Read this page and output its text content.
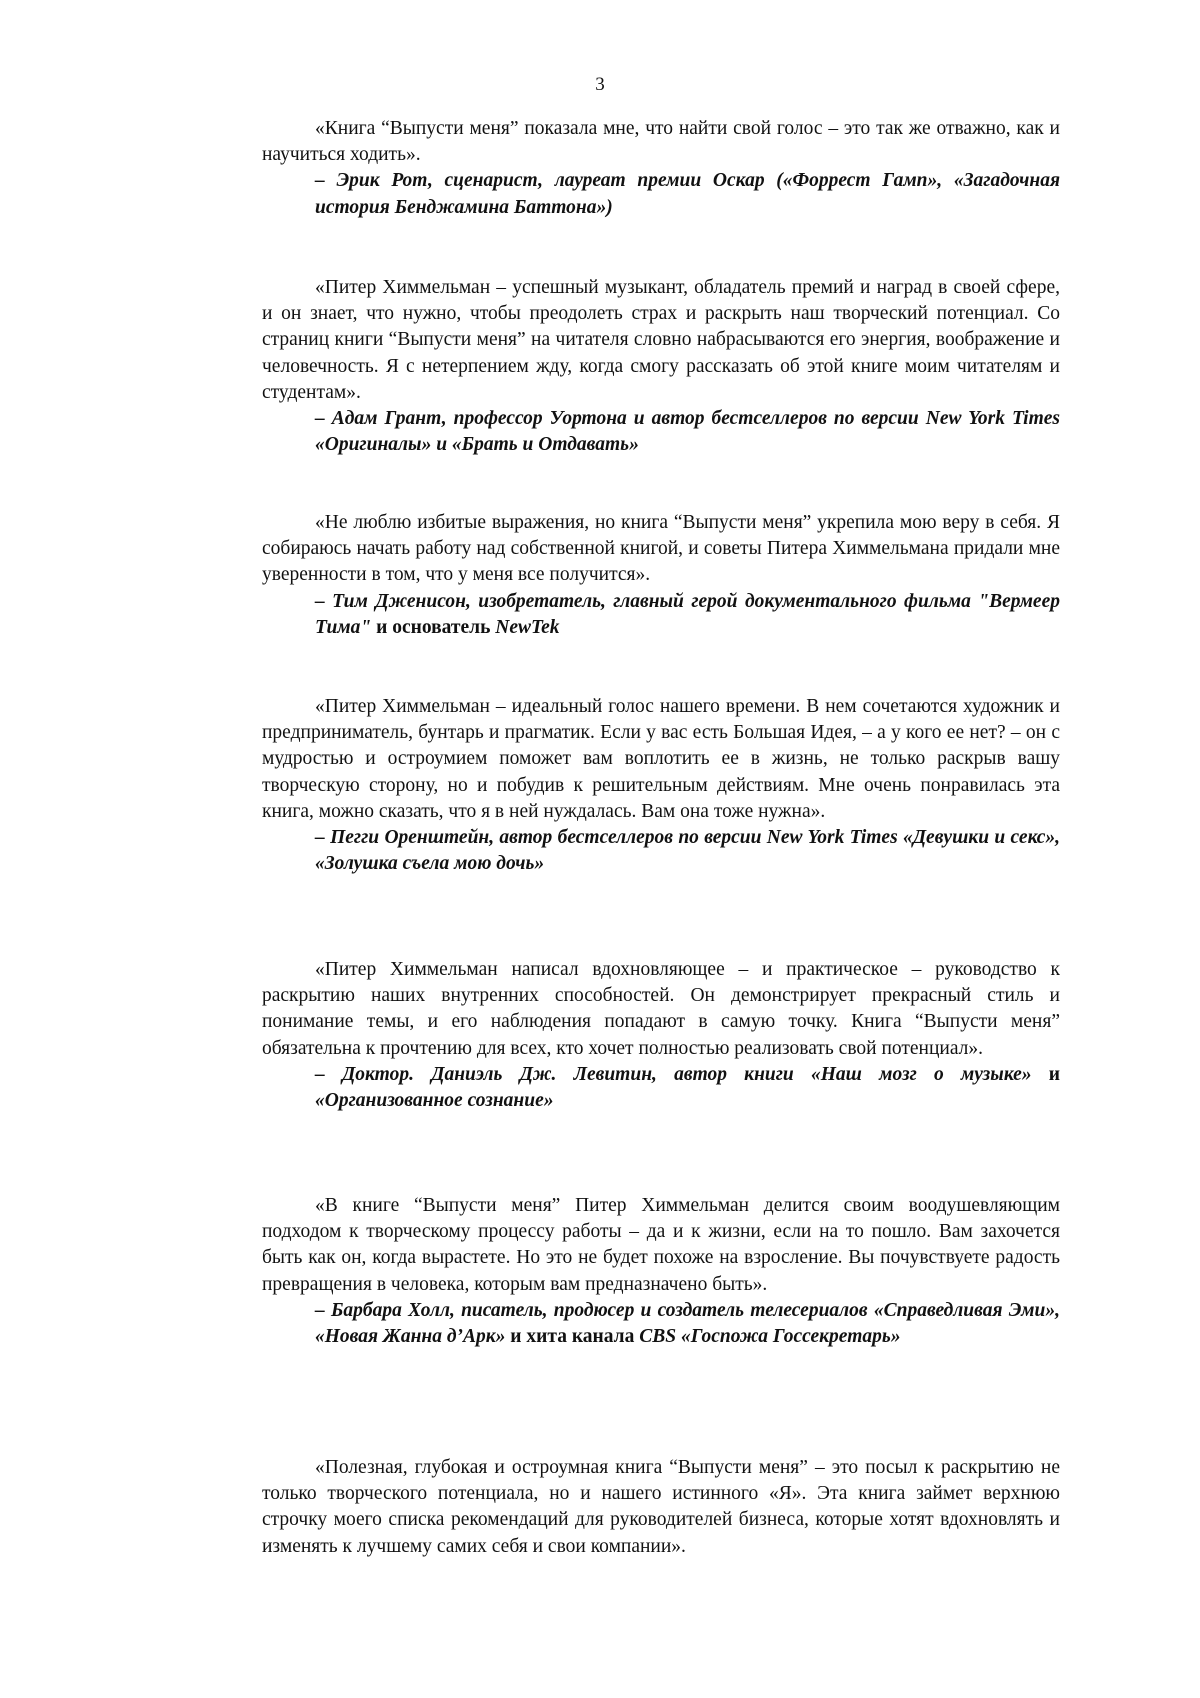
3

«Книга “Выпусти меня” показала мне, что найти свой голос – это так же отважно, как и научиться ходить».

– Эрик Рот, сценарист, лауреат премии Оскар («Форрест Гамп», «Загадочная история Бенджамина Баттона»)

«Питер Химмельман – успешный музыкант, обладатель премий и наград в своей сфере, и он знает, что нужно, чтобы преодолеть страх и раскрыть наш творческий потенциал. Со страниц книги “Выпусти меня” на читателя словно набрасываются его энергия, воображение и человечность. Я с нетерпением жду, когда смогу рассказать об этой книге моим читателям и студентам».

– Адам Грант, профессор Уортона и автор бестселлеров по версии New York Times «Оригиналы» и «Брать и Отдавать»

«Не люблю избитые выражения, но книга “Выпусти меня” укрепила мою веру в себя. Я собираюсь начать работу над собственной книгой, и советы Питера Химмельмана придали мне уверенности в том, что у меня все получится».

– Тим Дженисон, изобретатель, главный герой документального фильма "Вермеер Тима" и основатель NewTek

«Питер Химмельман – идеальный голос нашего времени. В нем сочетаются художник и предприниматель, бунтарь и прагматик. Если у вас есть Большая Идея, – а у кого ее нет? – он с мудростью и остроумием поможет вам воплотить ее в жизнь, не только раскрыв вашу творческую сторону, но и побудив к решительным действиям. Мне очень понравилась эта книга, можно сказать, что я в ней нуждалась. Вам она тоже нужна».

– Пегги Оренштейн, автор бестселлеров по версии New York Times «Девушки и секс», «Золушка съела мою дочь»

«Питер Химмельман написал вдохновляющее – и практическое – руководство к раскрытию наших внутренних способностей. Он демонстрирует прекрасный стиль и понимание темы, и его наблюдения попадают в самую точку. Книга “Выпусти меня” обязательна к прочтению для всех, кто хочет полностью реализовать свой потенциал».

– Доктор. Даниэль Дж. Левитин, автор книги «Наш мозг о музыке» и «Организованное сознание»

«В книге “Выпусти меня” Питер Химмельман делится своим воодушевляющим подходом к творческому процессу работы – да и к жизни, если на то пошло. Вам захочется быть как он, когда вырастете. Но это не будет похоже на взросление. Вы почувствуете радость превращения в человека, которым вам предназначено быть».

– Барбара Холл, писатель, продюсер и создатель телесериалов «Справедливая Эми», «Новая Жанна д’Арк» и хита канала CBS «Госпожа Госсекретарь»

«Полезная, глубокая и остроумная книга “Выпусти меня” – это посыл к раскрытию не только творческого потенциала, но и нашего истинного «Я». Эта книга займет верхнюю строчку моего списка рекомендаций для руководителей бизнеса, которые хотят вдохновлять и изменять к лучшему самих себя и свои компании».
